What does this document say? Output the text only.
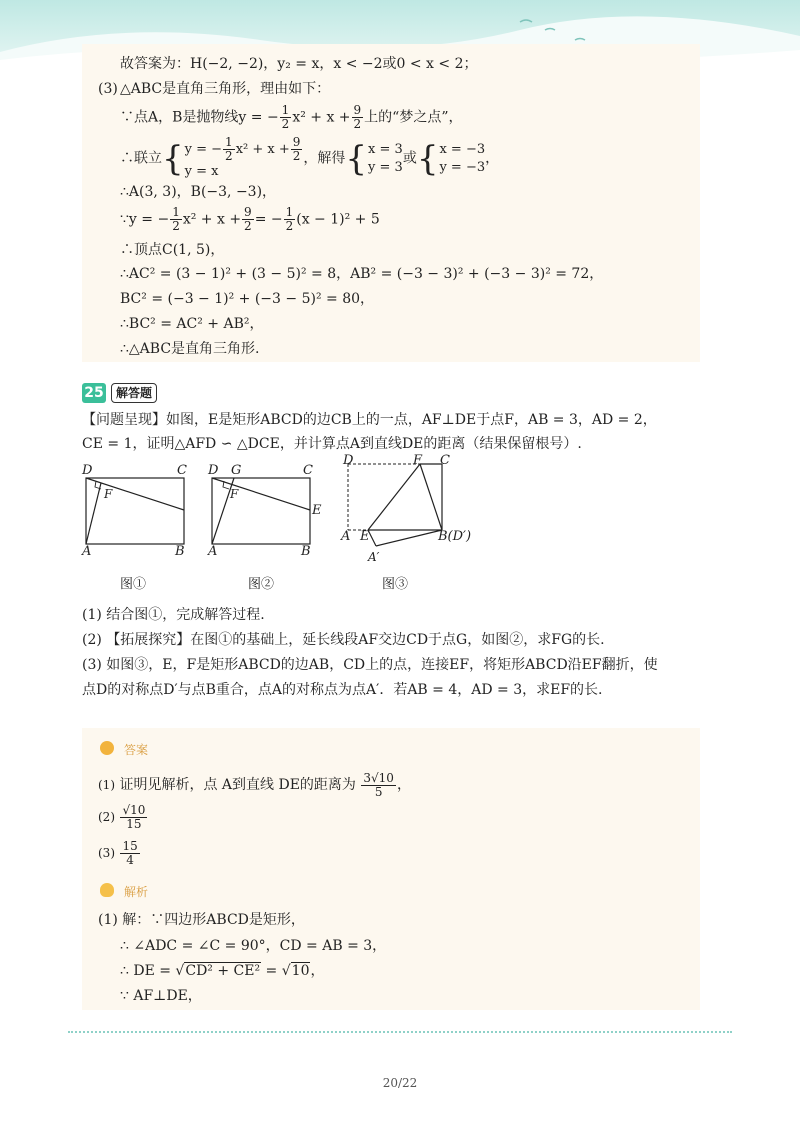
故答案为：H(−2, −2)，y₂ = x，x < −2或0 < x < 2；
(3) △ABC是直角三角形，理由如下：
∵点A，B是抛物线y = − $\frac{1}{2} x^2 + x + \frac{9}{2}$ 上的“梦之点”，
∴联立{ y = − $\frac{1}{2} x^2 + x + \frac{9}{2}$
y = x
，解得{ x = 3
y = 3
或{ x = −3
y = −3
，
∴A(3, 3)，B(−3, −3)，
∵y = − $\frac{1}{2} x^2 + x + \frac{9}{2}$ = − $\frac{1}{2} (x - 1)^2 + 5$
∴顶点C(1, 5)，
∴AC² = (3 − 1)² + (3 − 5)² = 8，AB² = (−3 − 3)² + (−3 − 3)² = 72，
BC² = (−3 − 1)² + (−3 − 5)² = 80，
∴BC² = AC² + AB²，
∴△ABC是直角三角形.
25	解答题
【问题呈现】如图，E是矩形ABCD的边CB上的一点，AF⊥DE于点F，AB = 3，AD = 2，
CE = 1，证明△AFD ∽ △DCE，并计算点A到直线DE的距离（结果保留根号）.
D	C
F
A	B
图①
D G	C
F
E
A	B
图②
D	F C
A E	B(D′)
A′
图③
(1) 结合图①，完成解答过程.
(2) 【拓展探究】在图①的基础上，延长线段AF交边CD于点G，如图②，求FG的长.
(3) 如图③，E，F是矩形ABCD的边AB，CD上的点，连接EF，将矩形ABCD沿EF翻折，使
点D的对称点D′与点B重合，点A的对称点为点A′．若AB = 4，AD = 3，求EF的长.
答案
(1) 证明见解析，点 A到直线 DE的距离为 $\frac{3√10}{5}$ ，
$(2) \frac{√10}{15}$
$(3) \frac{15}{4}$
解析
(1) 解：∵四边形ABCD是矩形，
∴ ∠ADC = ∠C = 90°，CD = AB = 3，
∴ DE = √CD² + CE² = √10，
∵ AF⊥DE，
20/22
